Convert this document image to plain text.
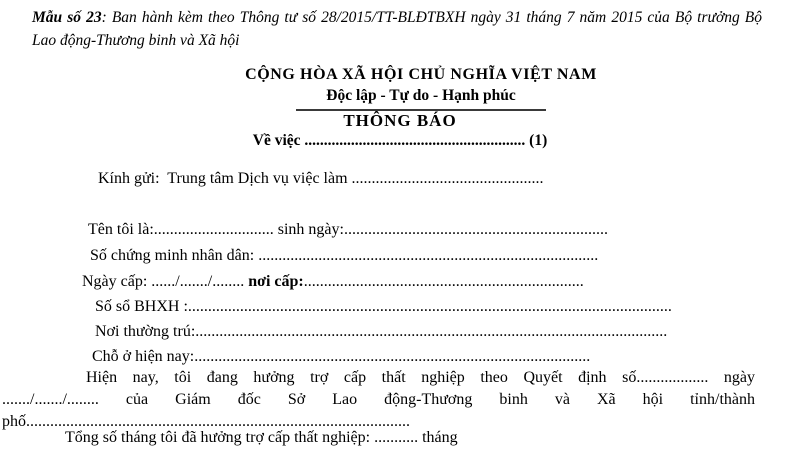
Mẫu số 23: Ban hành kèm theo Thông tư số 28/2015/TT-BLĐTBXH ngày 31 tháng 7 năm 2015 của Bộ trưởng Bộ Lao động-Thương binh và Xã hội
CỘNG HÒA XÃ HỘI CHỦ NGHĨA VIỆT NAM
Độc lập - Tự do - Hạnh phúc
THÔNG BÁO
Về việc ......................................................... (1)
Kính gửi:  Trung tâm Dịch vụ việc làm ................................................
Tên tôi là:.............................. sinh ngày:..................................................................
Số chứng minh nhân dân: .....................................................................................
Ngày cấp: ....../......./........ nơi cấp:......................................................................
Số sổ BHXH :.........................................................................................................................
Nơi thường trú:......................................................................................................................
Chỗ ở hiện nay:...................................................................................................
Hiện nay, tôi đang hưởng trợ cấp thất nghiệp theo Quyết định số.................. ngày
......./......./........ của Giám đốc Sở Lao động-Thương binh và Xã hội tỉnh/thành
phố................................................................................................
Tổng số tháng tôi đã hưởng trợ cấp thất nghiệp: ........... tháng
